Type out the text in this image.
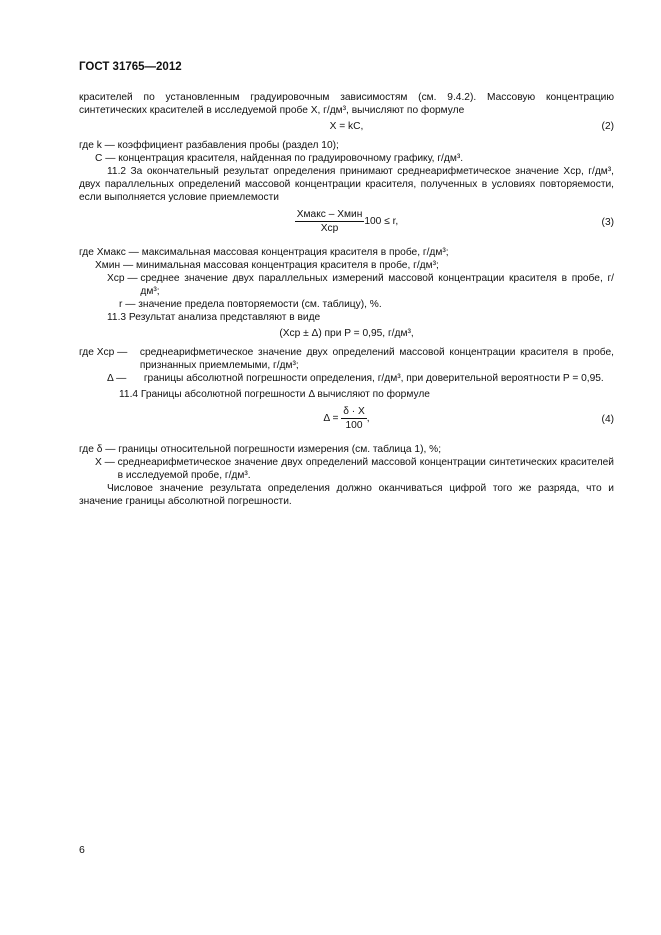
ГОСТ 31765—2012

красителей по установленным градуировочным зависимостям (см. 9.4.2). Массовую концентрацию синтетических красителей в исследуемой пробе X, г/дм³, вычисляют по формуле

X = kC,	(2)
где k —
коэффициент разбавления пробы (раздел 10);
C —
концентрация красителя, найденная по градуировочному графику, г/дм³.

11.2 За окончательный результат определения принимают среднеарифметическое значение Xср, г/дм³, двух параллельных определений массовой концентрации красителя, полученных в условиях повторяемости, если выполняется условие приемлемости

$\frac{\text{Xмакс – Xмин}}{\text{Xср}} 100 \le r$,	(3)
где Xмакс —
максимальная массовая концентрация красителя в пробе, г/дм³;
Xмин —
минимальная массовая концентрация красителя в пробе, г/дм³;
Xср —
среднее значение двух параллельных измерений массовой концентрации красителя в пробе, г/дм³;
r —
значение предела повторяемости (см. таблицу), %.

11.3 Результат анализа представляют в виде

(Xср ± Δ) при P = 0,95, г/дм³,
где Xср —
	среднеарифметическое значение двух определений массовой концентрации красителя в пробе, признанных приемлемыми, г/дм³;
Δ —
	границы абсолютной погрешности определения, г/дм³, при доверительной вероятности P = 0,95.

11.4 Границы абсолютной погрешности Δ вычисляют по формуле

$\Delta = \frac{\delta \cdot X}{100}$ ,	(4)
где δ —
границы относительной погрешности измерения (см. таблица 1), %;
X —
среднеарифметическое значение двух определений массовой концентрации синтетических красителей в исследуемой пробе, г/дм³.

Числовое значение результата определения должно оканчиваться цифрой того же разряда, что и значение границы абсолютной погрешности.

6
